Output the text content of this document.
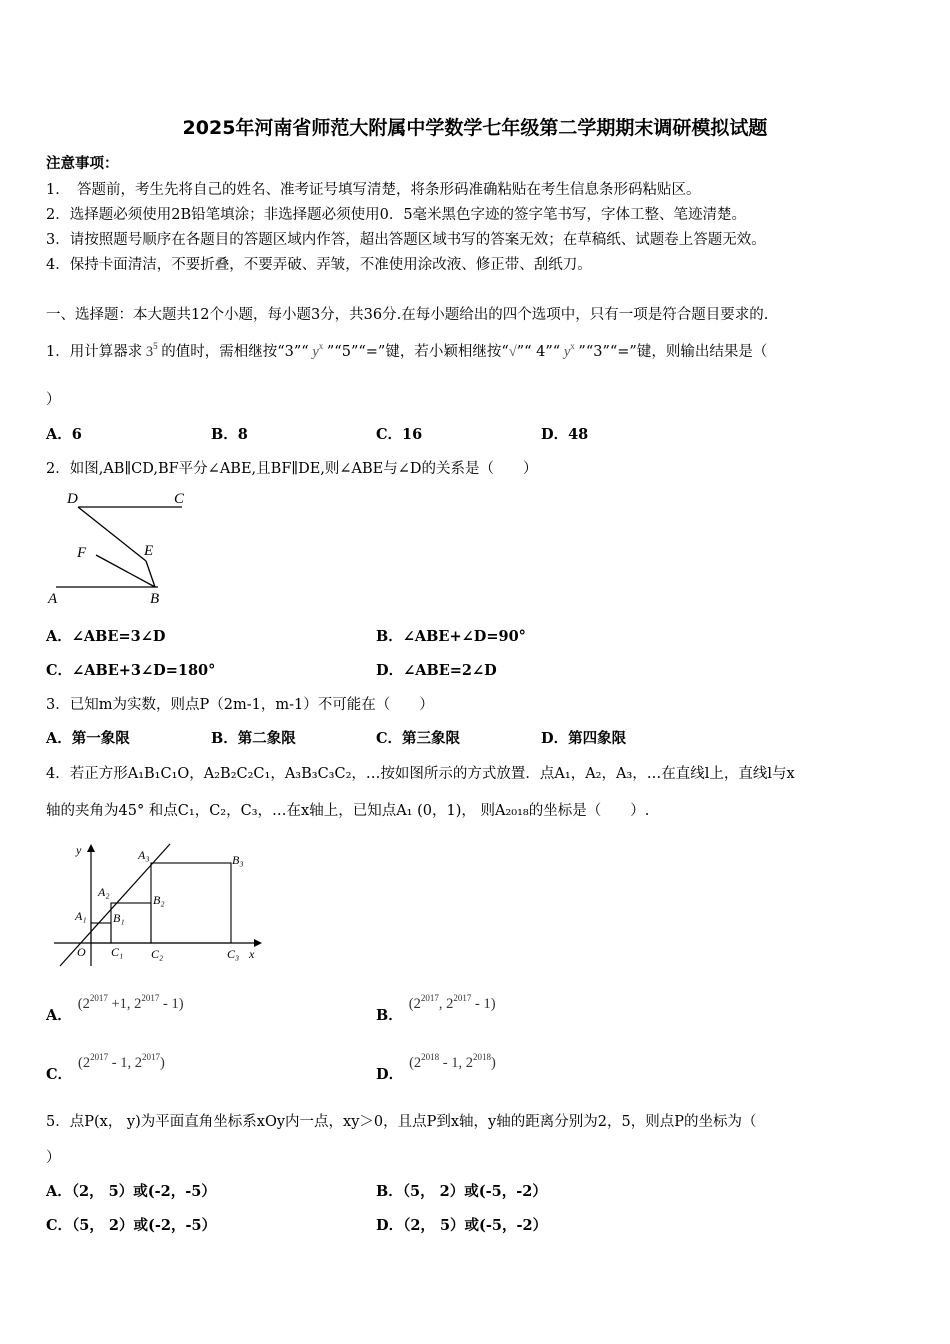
2025年河南省师范大附属中学数学七年级第二学期期末调研模拟试题
注意事项：
1．　答题前，考生先将自己的姓名、准考证号填写清楚，将条形码准确粘贴在考生信息条形码粘贴区。
2．选择题必须使用2B铅笔填涂；非选择题必须使用0．5毫米黑色字迹的签字笔书写，字体工整、笔迹清楚。
3．请按照题号顺序在各题目的答题区域内作答，超出答题区域书写的答案无效；在草稿纸、试题卷上答题无效。
4．保持卡面清洁，不要折叠，不要弄破、弄皱，不准使用涂改液、修正带、刮纸刀。
一、选择题：本大题共12个小题，每小题3分，共36分.在每小题给出的四个选项中，只有一项是符合题目要求的.
1．用计算器求 $3^5$ 的值时，需相继按“3”“ $y^x$ ”“5”“=”键，若小颖相继按“√”“ 4”“ $y^x$ ”“3”“=”键，则输出结果是（
）
A．6	B．8	C．16	D．48
2．如图,AB∥CD,BF平分∠ABE,且BF∥DE,则∠ABE与∠D的关系是（　　）
D	C
F	E
A	B
A．∠ABE=3∠D	B．∠ABE+∠D=90°
C．∠ABE+3∠D=180°	D．∠ABE=2∠D
3．已知m为实数，则点P（2m-1，m-1）不可能在（　　）
A．第一象限	B．第二象限	C．第三象限	D．第四象限
4．若正方形A₁B₁C₁O，A₂B₂C₂C₁，A₃B₃C₃C₂，…按如图所示的方式放置．点A₁，A₂，A₃，…在直线l上，直线l与x
轴的夹角为45° 和点C₁，C₂，C₃，…在x轴上，已知点A₁ (0，1)， 则A₂₀₁₈的坐标是（　　）.
y
x
O
A₁
A₂
A₃
B₁
B₂
B₃
C₁ C₂	C₃
A．($2^{2017} +1$, $2^{2017} - 1$)
B．($2^{2017}$, $2^{2017} - 1$)
C．($2^{2017} - 1$, $2^{2017}$)
D．($2^{2018} - 1$, $2^{2018}$)
5．点P(x， y)为平面直角坐标系xOy内一点，xy＞0，且点P到x轴，y轴的距离分别为2，5，则点P的坐标为（
）
A．（2， 5）或(-2，-5）	B．（5， 2）或(-5，-2）
C．（5， 2）或(-2，-5）	D．（2， 5）或(-5，-2）
